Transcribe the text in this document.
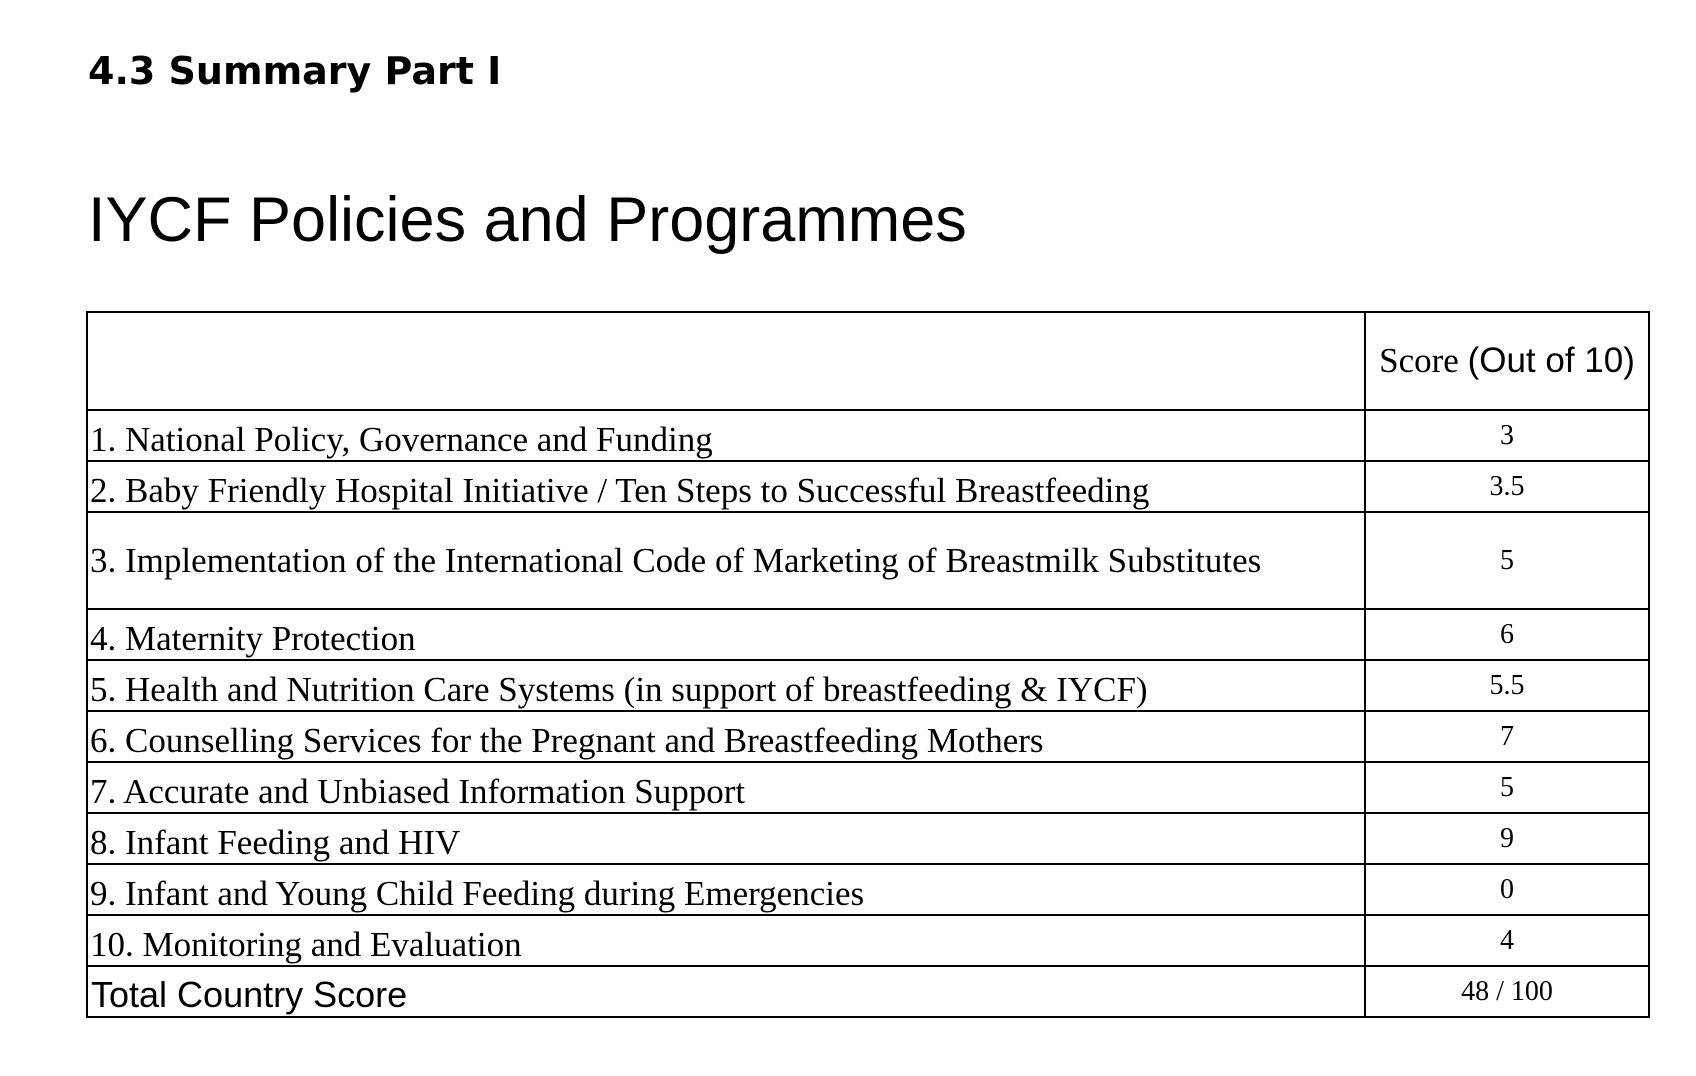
4.3 Summary Part I
IYCF Policies and Programmes
	Score (Out of 10)
1. National Policy, Governance and Funding	3
2. Baby Friendly Hospital Initiative / Ten Steps to Successful Breastfeeding	3.5
3. Implementation of the International Code of Marketing of Breastmilk Substitutes	5
4. Maternity Protection	6
5. Health and Nutrition Care Systems (in support of breastfeeding & IYCF)	5.5
6. Counselling Services for the Pregnant and Breastfeeding Mothers	7
7. Accurate and Unbiased Information Support	5
8. Infant Feeding and HIV	9
9. Infant and Young Child Feeding during Emergencies	0
10. Monitoring and Evaluation	4
Total Country Score	48 / 100
